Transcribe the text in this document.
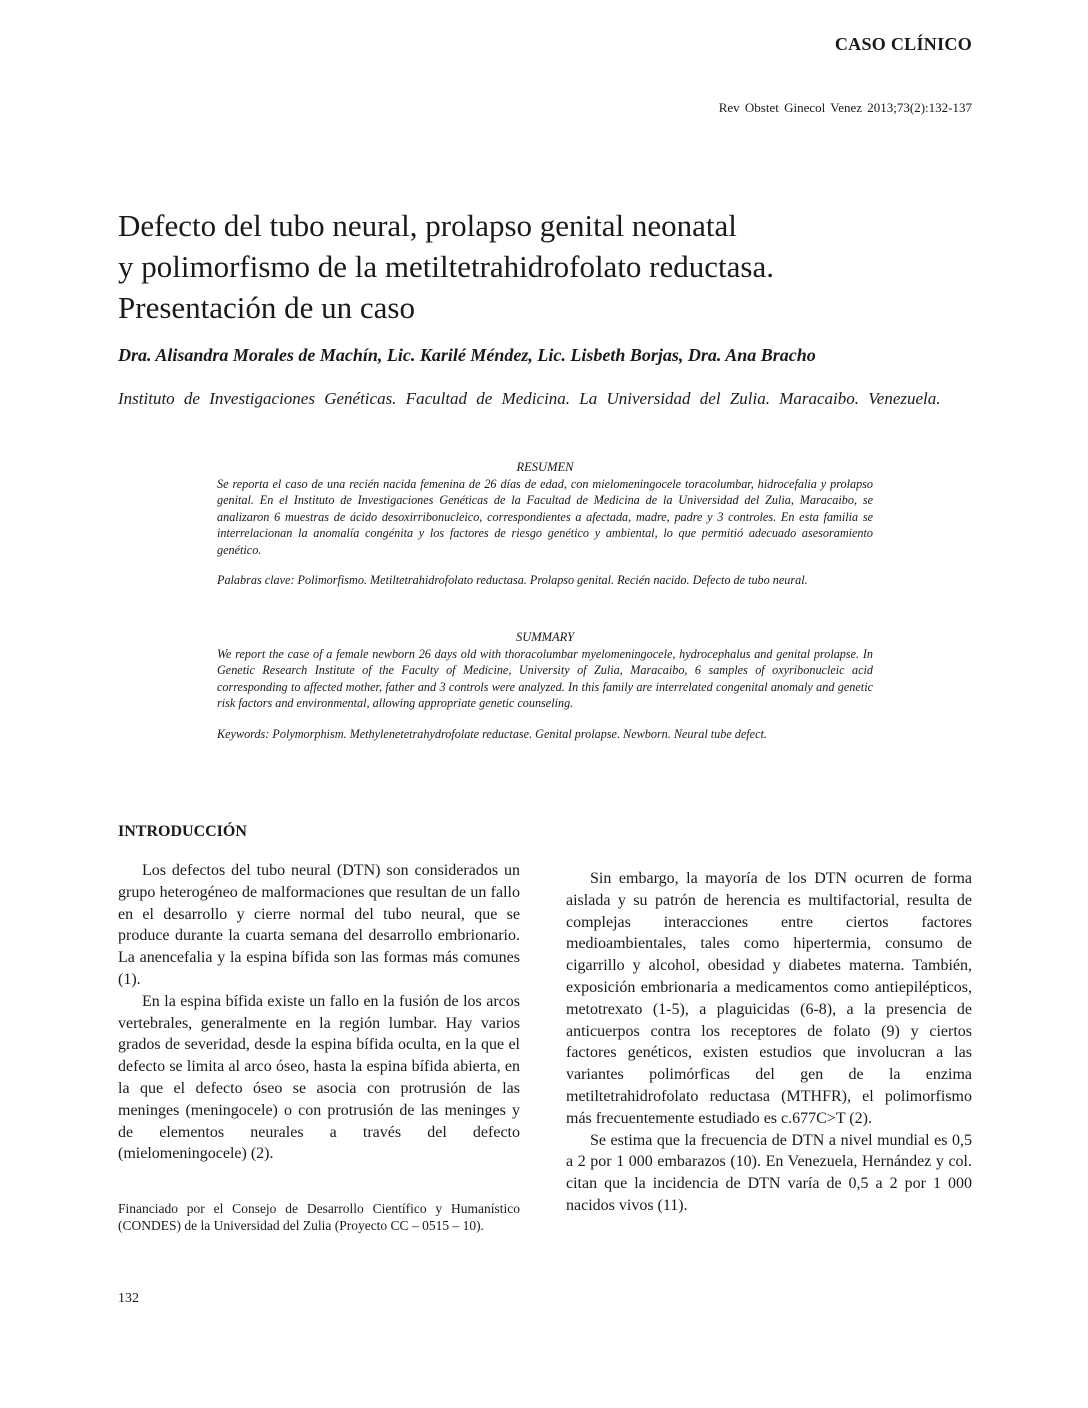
CASO CLÍNICO
Rev Obstet Ginecol Venez 2013;73(2):132-137
Defecto del tubo neural, prolapso genital neonatal
y polimorfismo de la metiltetrahidrofolato reductasa.
Presentación de un caso
Dra. Alisandra Morales de Machín, Lic. Karilé Méndez, Lic. Lisbeth Borjas, Dra. Ana Bracho
Instituto de Investigaciones Genéticas. Facultad de Medicina. La Universidad del Zulia. Maracaibo. Venezuela.
RESUMEN
Se reporta el caso de una recién nacida femenina de 26 días de edad, con mielomeningocele toracolumbar, hidrocefalia y prolapso genital. En el Instituto de Investigaciones Genéticas de la Facultad de Medicina de la Universidad del Zulia, Maracaibo, se analizaron 6 muestras de ácido desoxirribonucleico, correspondientes a afectada, madre, padre y 3 controles. En esta familia se interrelacionan la anomalía congénita y los factores de riesgo genético y ambiental, lo que permitió adecuado asesoramiento genético.
Palabras clave: Polimorfismo. Metiltetrahidrofolato reductasa. Prolapso genital. Recién nacido. Defecto de tubo neural.
SUMMARY
We report the case of a female newborn 26 days old with thoracolumbar myelomeningocele, hydrocephalus and genital prolapse. In Genetic Research Institute of the Faculty of Medicine, University of Zulia, Maracaibo, 6 samples of oxyribonucleic acid corresponding to affected mother, father and 3 controls were analyzed. In this family are interrelated congenital anomaly and genetic risk factors and environmental, allowing appropriate genetic counseling.
Keywords: Polymorphism. Methylenetetrahydrofolate reductase. Genital prolapse. Newborn. Neural tube defect.
INTRODUCCIÓN

Los defectos del tubo neural (DTN) son considerados un grupo heterogéneo de malformaciones que resultan de un fallo en el desarrollo y cierre normal del tubo neural, que se produce durante la cuarta semana del desarrollo embrionario. La anencefalia y la espina bífida son las formas más comunes (1).

En la espina bífida existe un fallo en la fusión de los arcos vertebrales, generalmente en la región lumbar. Hay varios grados de severidad, desde la espina bífida oculta, en la que el defecto se limita al arco óseo, hasta la espina bífida abierta, en la que el defecto óseo se asocia con protrusión de las meninges (meningocele) o con protrusión de las meninges y de elementos neurales a través del defecto (mielomeningocele) (2).

Sin embargo, la mayoría de los DTN ocurren de forma aislada y su patrón de herencia es multifactorial, resulta de complejas interacciones entre ciertos factores medioambientales, tales como hipertermia, consumo de cigarrillo y alcohol, obesidad y diabetes materna. También, exposición embrionaria a medicamentos como antiepilépticos, metotrexato (1-5), a plaguicidas (6-8), a la presencia de anticuerpos contra los receptores de folato (9) y ciertos factores genéticos, existen estudios que involucran a las variantes polimórficas del gen de la enzima metiltetrahidrofolato reductasa (MTHFR), el polimorfismo más frecuentemente estudiado es c.677C>T (2).

Se estima que la frecuencia de DTN a nivel mundial es 0,5 a 2 por 1 000 embarazos (10). En Venezuela, Hernández y col. citan que la incidencia de DTN varía de 0,5 a 2 por 1 000 nacidos vivos (11).

Financiado por el Consejo de Desarrollo Científico y Humanístico (CONDES) de la Universidad del Zulia (Proyecto CC – 0515 – 10).
132
